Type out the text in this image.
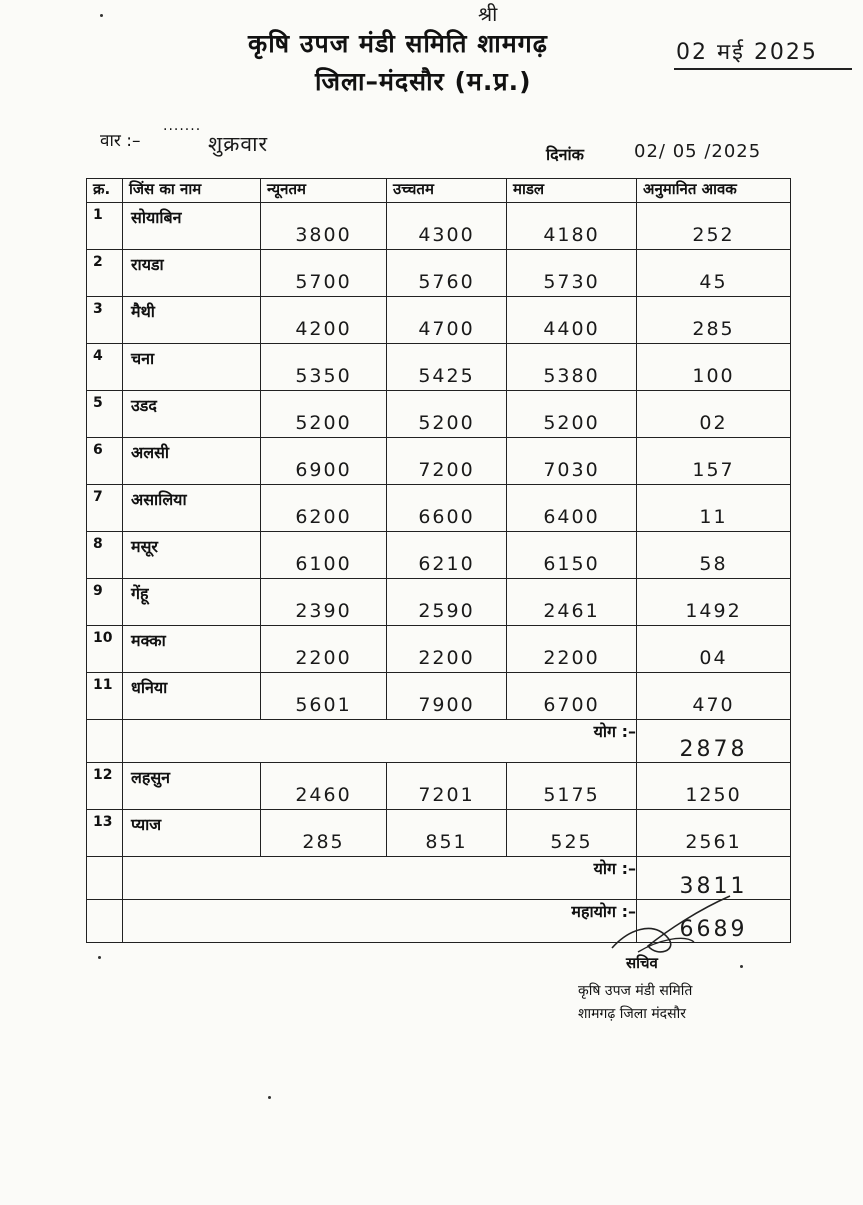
श्री
कृषि उपज मंडी समिति शामगढ़
जिला–मंदसौर (म.प्र.)
02 मई 2025
वार :–
·······
शुक्रवार	दिनांक	02/ 05 /2025
क्र.	जिंस का नाम	न्यूनतम	उच्चतम	माडल	अनुमानित आवक
1	सोयाबिन	3800	4300	4180	252
2	रायडा	5700	5760	5730	45
3	मैथी	4200	4700	4400	285
4	चना	5350	5425	5380	100
5	उडद	5200	5200	5200	02
6	अलसी	6900	7200	7030	157
7	असालिया	6200	6600	6400	11
8	मसूर	6100	6210	6150	58
9	गेंहू	2390	2590	2461	1492
10	मक्का	2200	2200	2200	04
11	धनिया	5601	7900	6700	470
	योग :–				2878
12	लहसुन	2460	7201	5175	1250
13	प्याज	285	851	525	2561
	योग :–				3811
	महायोग :–				6689
सचिव
कृषि उपज मंडी समिति
शामगढ़ जिला मंदसौर
